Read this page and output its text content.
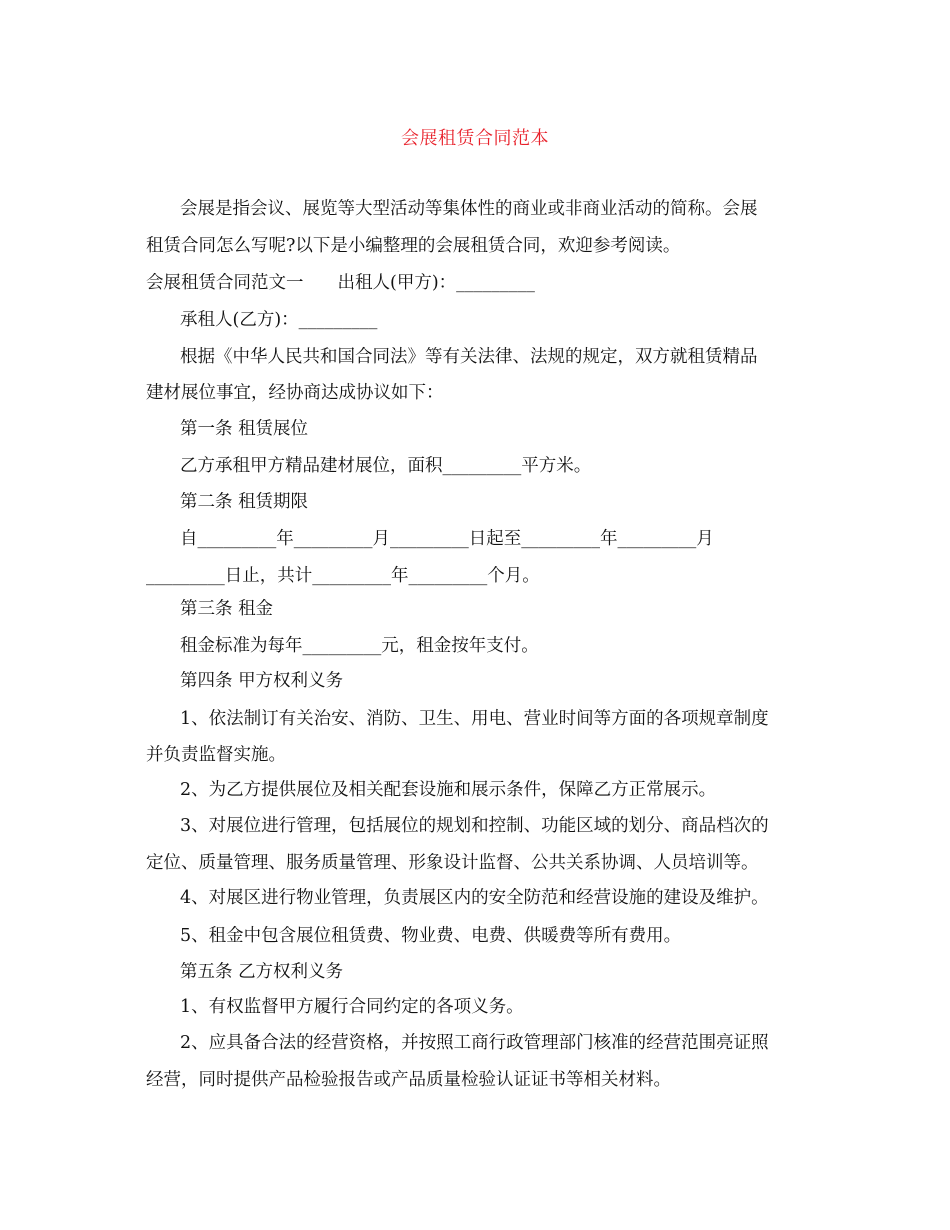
会展租赁合同范本
会展是指会议、展览等大型活动等集体性的商业或非商业活动的简称。会展
租赁合同怎么写呢?以下是小编整理的会展租赁合同，欢迎参考阅读。
会展租赁合同范文一 出租人(甲方)：_________
承租人(乙方)：_________
根据《中华人民共和国合同法》等有关法律、法规的规定，双方就租赁精品
建材展位事宜，经协商达成协议如下：
第一条 租赁展位
乙方承租甲方精品建材展位，面积_________平方米。
第二条 租赁期限
自_________年_________月_________日起至_________年_________月
_________日止，共计_________年_________个月。
第三条 租金
租金标准为每年_________元，租金按年支付。
第四条 甲方权利义务
1、依法制订有关治安、消防、卫生、用电、营业时间等方面的各项规章制度
并负责监督实施。
2、为乙方提供展位及相关配套设施和展示条件，保障乙方正常展示。
3、对展位进行管理，包括展位的规划和控制、功能区域的划分、商品档次的
定位、质量管理、服务质量管理、形象设计监督、公共关系协调、人员培训等。
4、对展区进行物业管理，负责展区内的安全防范和经营设施的建设及维护。
5、租金中包含展位租赁费、物业费、电费、供暖费等所有费用。
第五条 乙方权利义务
1、有权监督甲方履行合同约定的各项义务。
2、应具备合法的经营资格，并按照工商行政管理部门核准的经营范围亮证照
经营，同时提供产品检验报告或产品质量检验认证证书等相关材料。
